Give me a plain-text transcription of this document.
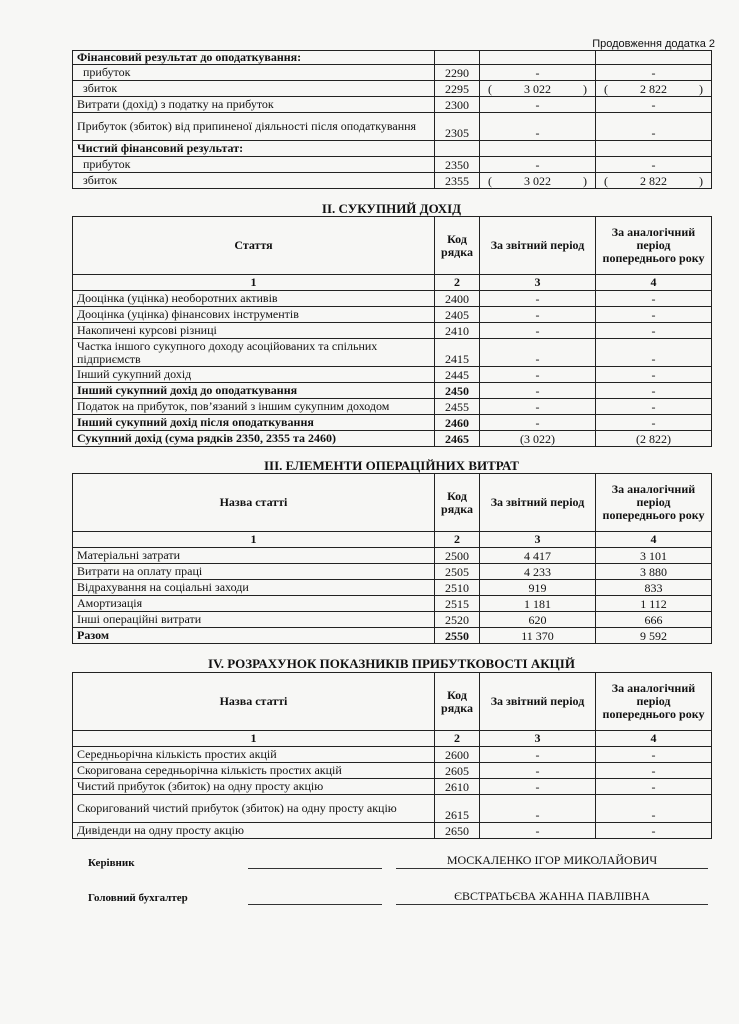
Продовження додатка 2
Фінансовий результат до оподаткування:			
прибуток	2290	-	-
збиток	2295	( 3 022 )	( 2 822 )

Витрати (дохід) з податку на прибуток	2300	-	-
Прибуток (збиток) від припиненої діяльності після оподаткування	2305	-	-
Чистий фінансовий результат:			
прибуток	2350	-	-
збиток	2355	( 3 022 )	( 2 822 )
ІІ. СУКУПНИЙ ДОХІД
Стаття	Код рядка	За звітний період	За аналогічний період попереднього року
1	2	3	4
Дооцінка (уцінка) необоротних активів	2400	-	-
Дооцінка (уцінка) фінансових інструментів	2405	-	-
Накопичені курсові різниці	2410	-	-
Частка іншого сукупного доходу асоційованих та спільних підприємств	2415	-	-
Інший сукупний дохід	2445	-	-
Інший сукупний дохід до оподаткування	2450	-	-
Податок на прибуток, пов’язаний з іншим сукупним доходом	2455	-	-
Інший сукупний дохід після оподаткування	2460	-	-
Сукупний дохід (сума рядків 2350, 2355 та 2460)	2465	(3 022)	(2 822)
ІІІ. ЕЛЕМЕНТИ ОПЕРАЦІЙНИХ ВИТРАТ
Назва статті	Код рядка	За звітний період	За аналогічний період попереднього року
1	2	3	4
Матеріальні затрати	2500	4 417	3 101
Витрати на оплату праці	2505	4 233	3 880
Відрахування на соціальні заходи	2510	919	833
Амортизація	2515	1 181	1 112
Інші операційні витрати	2520	620	666
Разом	2550	11 370	9 592
IV. РОЗРАХУНОК ПОКАЗНИКІВ ПРИБУТКОВОСТІ АКЦІЙ
Назва статті	Код рядка	За звітний період	За аналогічний період попереднього року
1	2	3	4
Середньорічна кількість простих акцій	2600	-	-
Скоригована середньорічна кількість простих акцій	2605	-	-
Чистий прибуток (збиток) на одну просту акцію	2610	-	-
Скоригований чистий прибуток (збиток) на одну просту акцію	2615	-	-
Дивіденди на одну просту акцію	2650	-	-
Керівник	МОСКАЛЕНКО ІГОР МИКОЛАЙОВИЧ
Головний бухгалтер	ЄВСТРАТЬЄВА ЖАННА ПАВЛІВНА
